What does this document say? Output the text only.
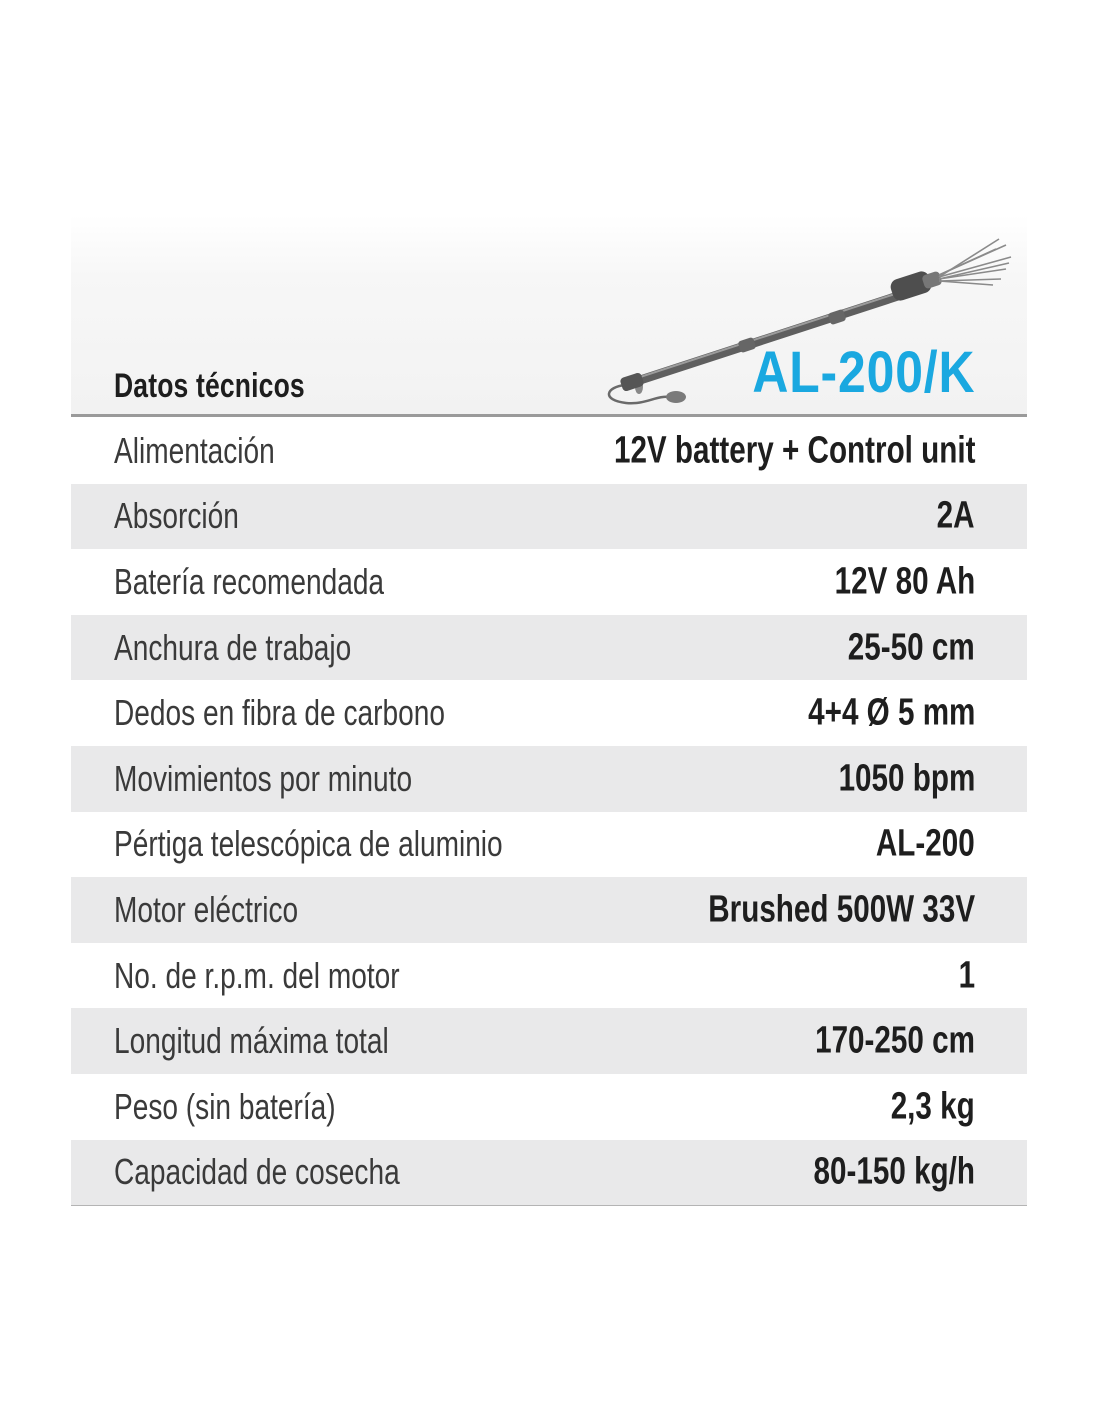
Datos técnicos	AL-200/K
Alimentación	12V battery + Control unit
Absorción	2A
Batería recomendada	12V 80 Ah
Anchura de trabajo	25-50 cm
Dedos en fibra de carbono	4+4 Ø 5 mm
Movimientos por minuto	1050 bpm
Pértiga telescópica de aluminio	AL-200
Motor eléctrico	Brushed 500W 33V
No. de r.p.m. del motor	1
Longitud máxima total	170-250 cm
Peso (sin batería)	2,3 kg
Capacidad de cosecha	80-150 kg/h
